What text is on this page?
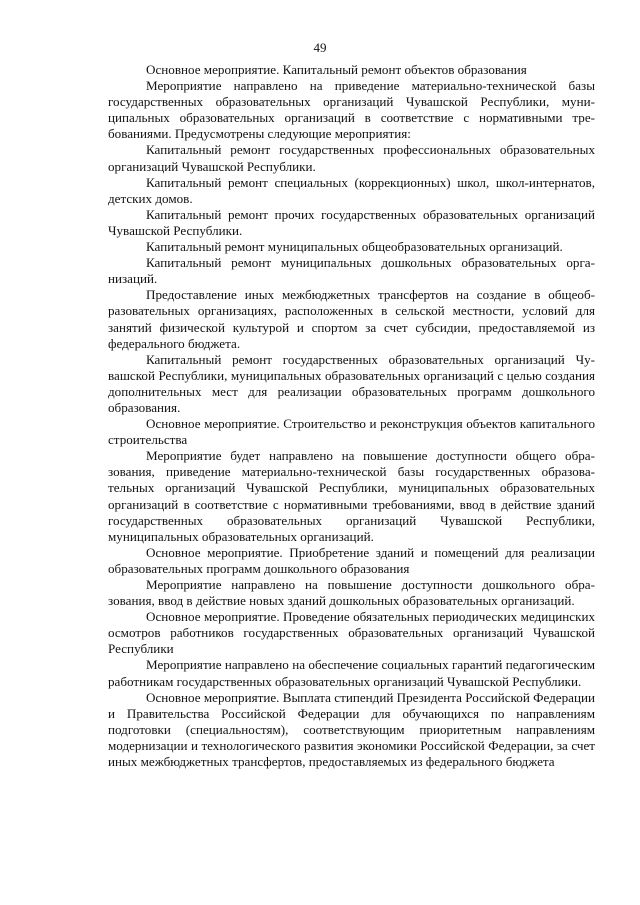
49

Основное мероприятие. Капитальный ремонт объектов образования

Мероприятие направлено на приведение материально-технической базы государственных образовательных организаций Чувашской Республики, муниципальных образовательных организаций в соответствие с нормативными требованиями. Предусмотрены следующие мероприятия:

Капитальный ремонт государственных профессиональных образовательных организаций Чувашской Республики.

Капитальный ремонт специальных (коррекционных) школ, школ-интернатов, детских домов.

Капитальный ремонт прочих государственных образовательных организаций Чувашской Республики.

Капитальный ремонт муниципальных общеобразовательных организаций.

Капитальный ремонт муниципальных дошкольных образовательных организаций.

Предоставление иных межбюджетных трансфертов на создание в общеобразовательных организациях, расположенных в сельской местности, условий для занятий физической культурой и спортом за счет субсидии, предоставляемой из федерального бюджета.

Капитальный ремонт государственных образовательных организаций Чувашской Республики, муниципальных образовательных организаций с целью создания дополнительных мест для реализации образовательных программ дошкольного образования.

Основное мероприятие. Строительство и реконструкция объектов капитального строительства

Мероприятие будет направлено на повышение доступности общего образования, приведение материально-технической базы государственных образовательных организаций Чувашской Республики, муниципальных образовательных организаций в соответствие с нормативными требованиями, ввод в действие зданий государственных образовательных организаций Чувашской Республики, муниципальных образовательных организаций.

Основное мероприятие. Приобретение зданий и помещений для реализации образовательных программ дошкольного образования

Мероприятие направлено на повышение доступности дошкольного образования, ввод в действие новых зданий дошкольных образовательных организаций.

Основное мероприятие. Проведение обязательных периодических медицинских осмотров работников государственных образовательных организаций Чувашской Республики

Мероприятие направлено на обеспечение социальных гарантий педагогическим работникам государственных образовательных организаций Чувашской Республики.

Основное мероприятие. Выплата стипендий Президента Российской Федерации и Правительства Российской Федерации для обучающихся по направлениям подготовки (специальностям), соответствующим приоритетным направлениям модернизации и технологического развития экономики Российской Федерации, за счет иных межбюджетных трансфертов, предоставляемых из федерального бюджета
